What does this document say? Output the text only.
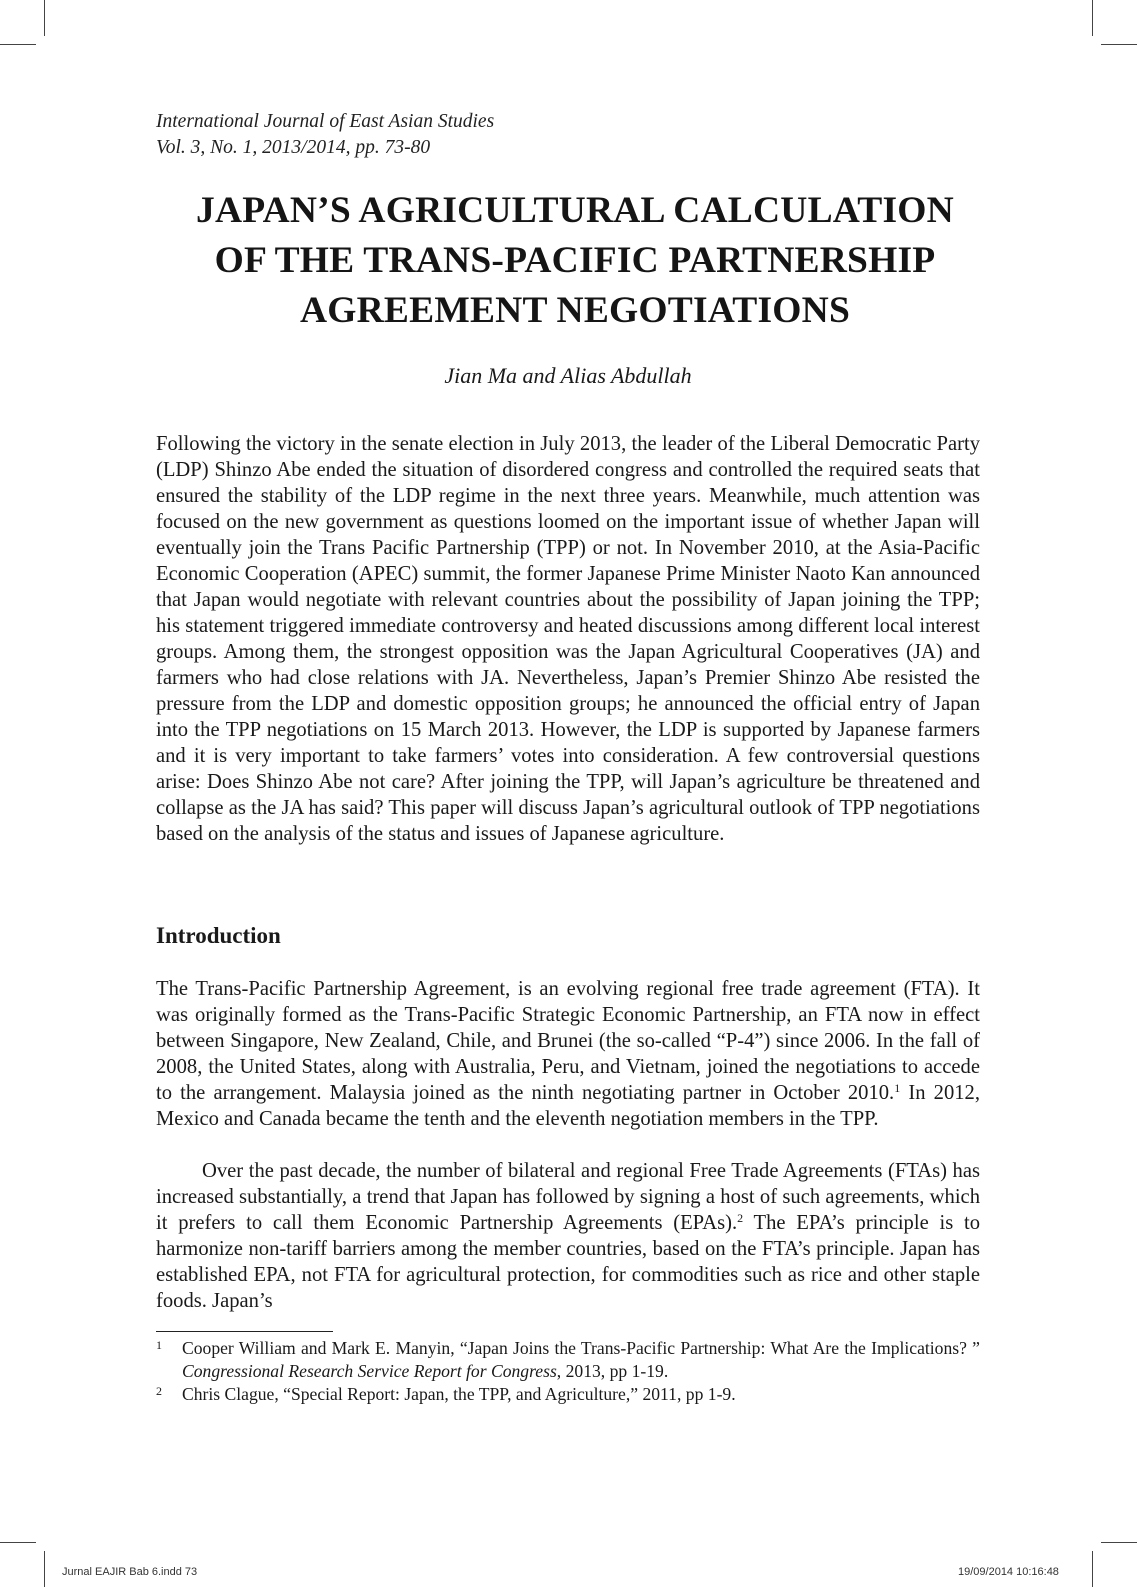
International Journal of East Asian Studies
Vol. 3, No. 1, 2013/2014, pp. 73-80
JAPAN’S AGRICULTURAL CALCULATION
OF THE TRANS-PACIFIC PARTNERSHIP
AGREEMENT NEGOTIATIONS
Jian Ma and Alias Abdullah
Following the victory in the senate election in July 2013, the leader of the Liberal Democratic Party (LDP) Shinzo Abe ended the situation of disordered congress and controlled the required seats that ensured the stability of the LDP regime in the next three years. Meanwhile, much attention was focused on the new government as questions loomed on the important issue of whether Japan will eventually join the Trans Pacific Partnership (TPP) or not. In November 2010, at the Asia-Pacific Economic Cooperation (APEC) summit, the former Japanese Prime Minister Naoto Kan announced that Japan would negotiate with relevant countries about the possibility of Japan joining the TPP; his statement triggered immediate controversy and heated discussions among different local interest groups. Among them, the strongest opposition was the Japan Agricultural Cooperatives (JA) and farmers who had close relations with JA. Nevertheless, Japan’s Premier Shinzo Abe resisted the pressure from the LDP and domestic opposition groups; he announced the official entry of Japan into the TPP negotiations on 15 March 2013. However, the LDP is supported by Japanese farmers and it is very important to take farmers’ votes into consideration. A few controversial questions arise: Does Shinzo Abe not care? After joining the TPP, will Japan’s agriculture be threatened and collapse as the JA has said? This paper will discuss Japan’s agricultural outlook of TPP negotiations based on the analysis of the status and issues of Japanese agriculture.
Introduction
The Trans-Pacific Partnership Agreement, is an evolving regional free trade agreement (FTA). It was originally formed as the Trans-Pacific Strategic Economic Partnership, an FTA now in effect between Singapore, New Zealand, Chile, and Brunei (the so-called “P-4”) since 2006. In the fall of 2008, the United States, along with Australia, Peru, and Vietnam, joined the negotiations to accede to the arrangement. Malaysia joined as the ninth negotiating partner in October 2010.$^1$ In 2012, Mexico and Canada became the tenth and the eleventh negotiation members in the TPP.
Over the past decade, the number of bilateral and regional Free Trade Agreements (FTAs) has increased substantially, a trend that Japan has followed by signing a host of such agreements, which it prefers to call them Economic Partnership Agreements (EPAs).$^2$ The EPA’s principle is to harmonize non-tariff barriers among the member countries, based on the FTA’s principle. Japan has established EPA, not FTA for agricultural protection, for commodities such as rice and other staple foods. Japan’s
1 Cooper William and Mark E. Manyin, “Japan Joins the Trans-Pacific Partnership: What Are the Implications? ” Congressional Research Service Report for Congress, 2013, pp 1-19.
2 Chris Clague, “Special Report: Japan, the TPP, and Agriculture,” 2011, pp 1-9.
Jurnal EAJIR Bab 6.indd 73	19/09/2014 10:16:48
